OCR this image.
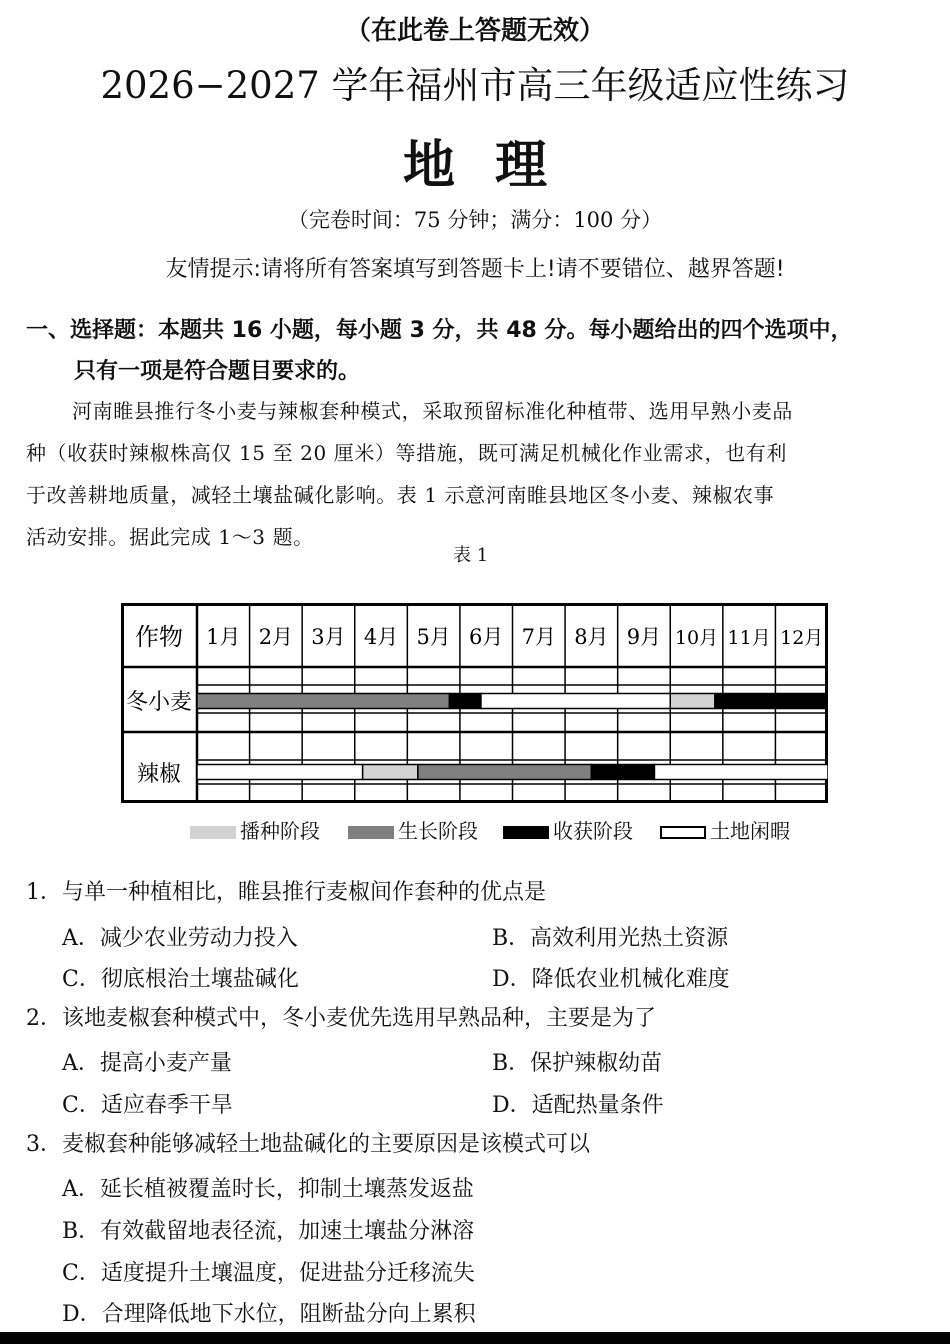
（在此卷上答题无效）
2026−2027 学年福州市高三年级适应性练习
地理
（完卷时间：75 分钟；满分：100 分）
友情提示:请将所有答案填写到答题卡上!请不要错位、越界答题!
一、选择题：本题共 16 小题，每小题 3 分，共 48 分。每小题给出的四个选项中，
只有一项是符合题目要求的。
河南睢县推行冬小麦与辣椒套种模式，采取预留标准化种植带、选用早熟小麦品
种（收获时辣椒株高仅 15 至 20 厘米）等措施，既可满足机械化作业需求，也有利
于改善耕地质量，减轻土壤盐碱化影响。表 1 示意河南睢县地区冬小麦、辣椒农事
活动安排。据此完成 1～3 题。
表 1
作物 1月 2月 3月 4月 5月 6月 7月 8月 9月 10月 11月 12月
冬小麦
辣椒
播种阶段	生长阶段	收获阶段	土地闲暇
1．与单一种植相比，睢县推行麦椒间作套种的优点是
A．减少农业劳动力投入	B．高效利用光热土资源
C．彻底根治土壤盐碱化	D．降低农业机械化难度
2．该地麦椒套种模式中，冬小麦优先选用早熟品种，主要是为了
A．提高小麦产量	B．保护辣椒幼苗
C．适应春季干旱	D．适配热量条件
3．麦椒套种能够减轻土地盐碱化的主要原因是该模式可以
A．延长植被覆盖时长，抑制土壤蒸发返盐
B．有效截留地表径流，加速土壤盐分淋溶
C．适度提升土壤温度，促进盐分迁移流失
D．合理降低地下水位，阻断盐分向上累积
